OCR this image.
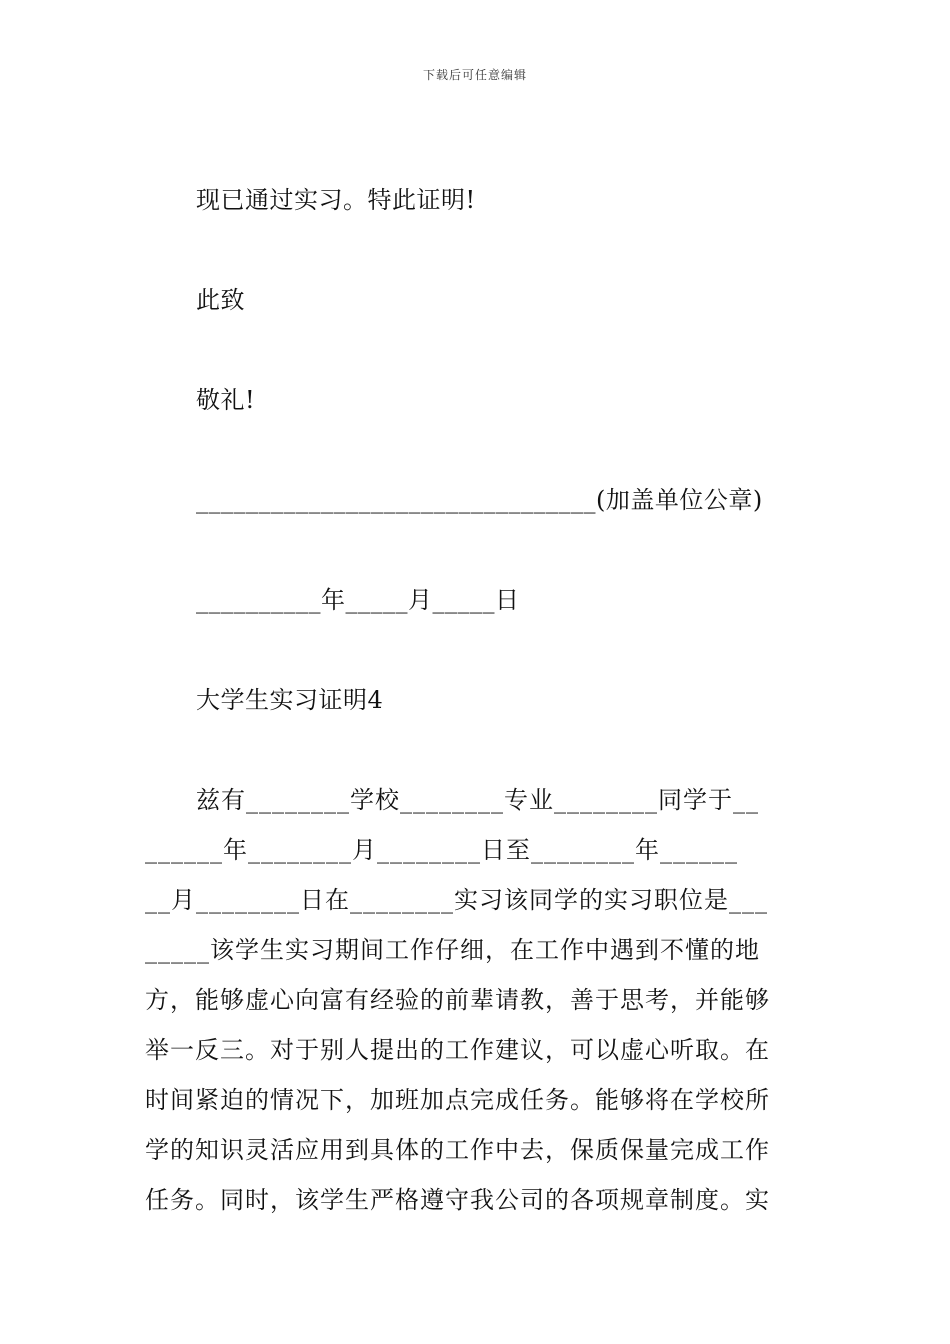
下载后可任意编辑
现已通过实习。特此证明!
此致
敬礼!
________________________________(加盖单位公章)
__________年_____月_____日
大学生实习证明4
兹有________学校________专业________同学于__
______年________月________日至________年______
__月________日在________实习该同学的实习职位是___
_____该学生实习期间工作仔细，在工作中遇到不懂的地
方，能够虚心向富有经验的前辈请教，善于思考，并能够
举一反三。对于别人提出的工作建议，可以虚心听取。在
时间紧迫的情况下，加班加点完成任务。能够将在学校所
学的知识灵活应用到具体的工作中去，保质保量完成工作
任务。同时，该学生严格遵守我公司的各项规章制度。实
